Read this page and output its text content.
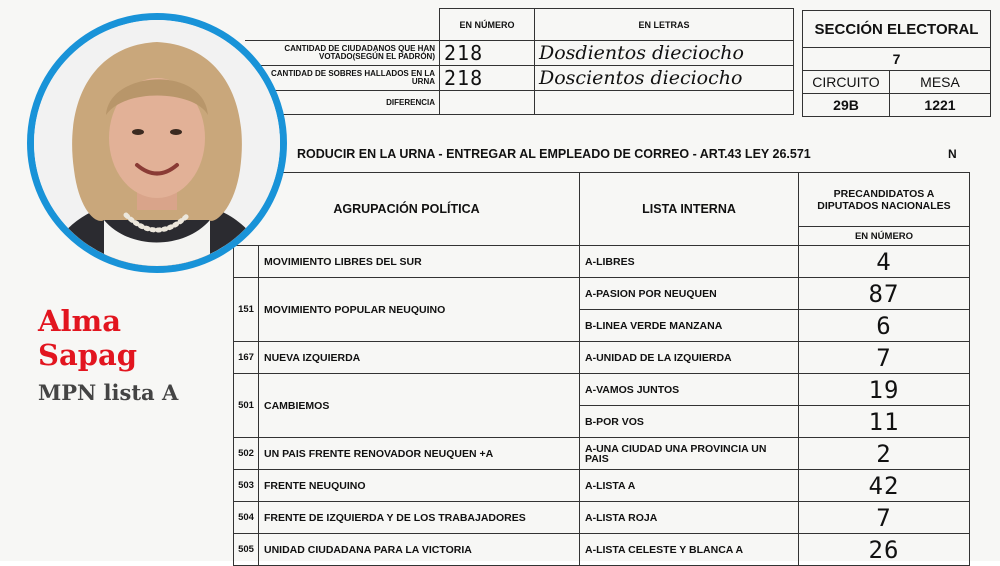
	EN NÚMERO	EN LETRAS
CANTIDAD DE CIUDADANOS QUE HAN VOTADO(SEGÚN EL PADRÓN)	218	Dosdientos dieciocho
CANTIDAD DE SOBRES HALLADOS EN LA URNA	218	Doscientos dieciocho
DIFERENCIA		
SECCIÓN ELECTORAL	
7	
CIRCUITO	MESA
29B	1221
RODUCIR EN LA URNA - ENTREGAR AL EMPLEADO DE CORREO - ART.43 LEY 26.571	N
AGRUPACIÓN POLÍTICA		LISTA INTERNA	PRECANDIDATOS A DIPUTADOS NACIONALES
			EN NÚMERO
	MOVIMIENTO LIBRES DEL SUR	A-LIBRES	4
151	MOVIMIENTO POPULAR NEUQUINO	A-PASION POR NEUQUEN	87
		B-LINEA VERDE MANZANA	6
167	NUEVA IZQUIERDA	A-UNIDAD DE LA IZQUIERDA	7
501	CAMBIEMOS	A-VAMOS JUNTOS	19
		B-POR VOS	11
502	UN PAIS FRENTE RENOVADOR NEUQUEN +A	A-UNA CIUDAD UNA PROVINCIA UN PAIS	2
503	FRENTE NEUQUINO	A-LISTA A	42
504	FRENTE DE IZQUIERDA Y DE LOS TRABAJADORES	A-LISTA ROJA	7
505	UNIDAD CIUDADANA PARA LA VICTORIA	A-LISTA CELESTE Y BLANCA A	26
Alma
Sapag
MPN lista A
